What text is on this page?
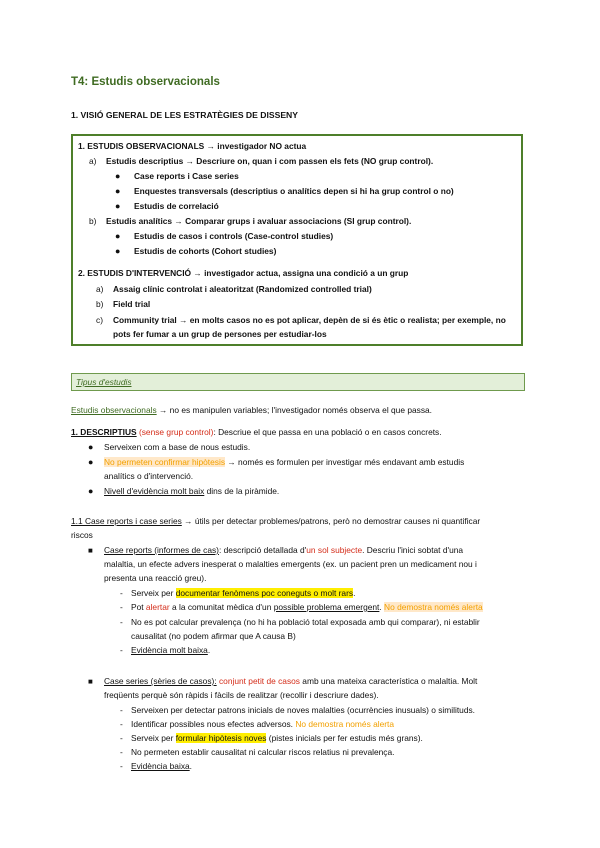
T4: Estudis observacionals
1. VISIÓ GENERAL DE LES ESTRATÈGIES DE DISSENY
1. ESTUDIS OBSERVACIONALS → investigador NO actua
a) Estudis descriptius → Descriure on, quan i com passen els fets (NO grup control).
● Case reports i Case series
● Enquestes transversals (descriptius o analítics depen si hi ha grup control o no)
● Estudis de correlació
b) Estudis analítics → Comparar grups i avaluar associacions (SI grup control).
● Estudis de casos i controls (Case-control studies)
● Estudis de cohorts (Cohort studies)
2. ESTUDIS D'INTERVENCIÓ → investigador actua, assigna una condició a un grup
a) Assaig clínic controlat i aleatoritzat (Randomized controlled trial)
b) Field trial
c) Community trial → en molts casos no es pot aplicar, depèn de si és ètic o realista; per exemple, no
pots fer fumar a un grup de persones per estudiar-los
Tipus d'estudis
Estudis observacionals → no es manipulen variables; l'investigador només observa el que passa.
1. DESCRIPTIUS (sense grup control): Descriue el que passa en una població o en casos concrets.
● Serveixen com a base de nous estudis.
● No permeten confirmar hipòtesis → només es formulen per investigar més endavant amb estudis
analítics o d'intervenció.
● Nivell d'evidència molt baix dins de la piràmide.
1.1 Case reports i case series → útils per detectar problemes/patrons, però no demostrar causes ni quantificar
riscos
■ Case reports (informes de cas): descripció detallada d'un sol subjecte. Descriu l'inici sobtat d'una
malaltia, un efecte advers inesperat o malalties emergents (ex. un pacient pren un medicament nou i
presenta una reacció greu).
- Serveix per documentar fenòmens poc coneguts o molt rars.
- Pot alertar a la comunitat mèdica d'un possible problema emergent. No demostra només alerta
- No es pot calcular prevalença (no hi ha població total exposada amb qui comparar), ni establir
causalitat (no podem afirmar que A causa B)
- Evidència molt baixa.
■ Case series (sèries de casos): conjunt petit de casos amb una mateixa característica o malaltia. Molt
freqüents perquè són ràpids i fàcils de realitzar (recollir i descriure dades).
- Serveixen per detectar patrons inicials de noves malalties (ocurrències inusuals) o similituds.
- Identificar possibles nous efectes adversos. No demostra només alerta
- Serveix per formular hipòtesis noves (pistes inicials per fer estudis més grans).
- No permeten establir causalitat ni calcular riscos relatius ni prevalença.
- Evidència baixa.
